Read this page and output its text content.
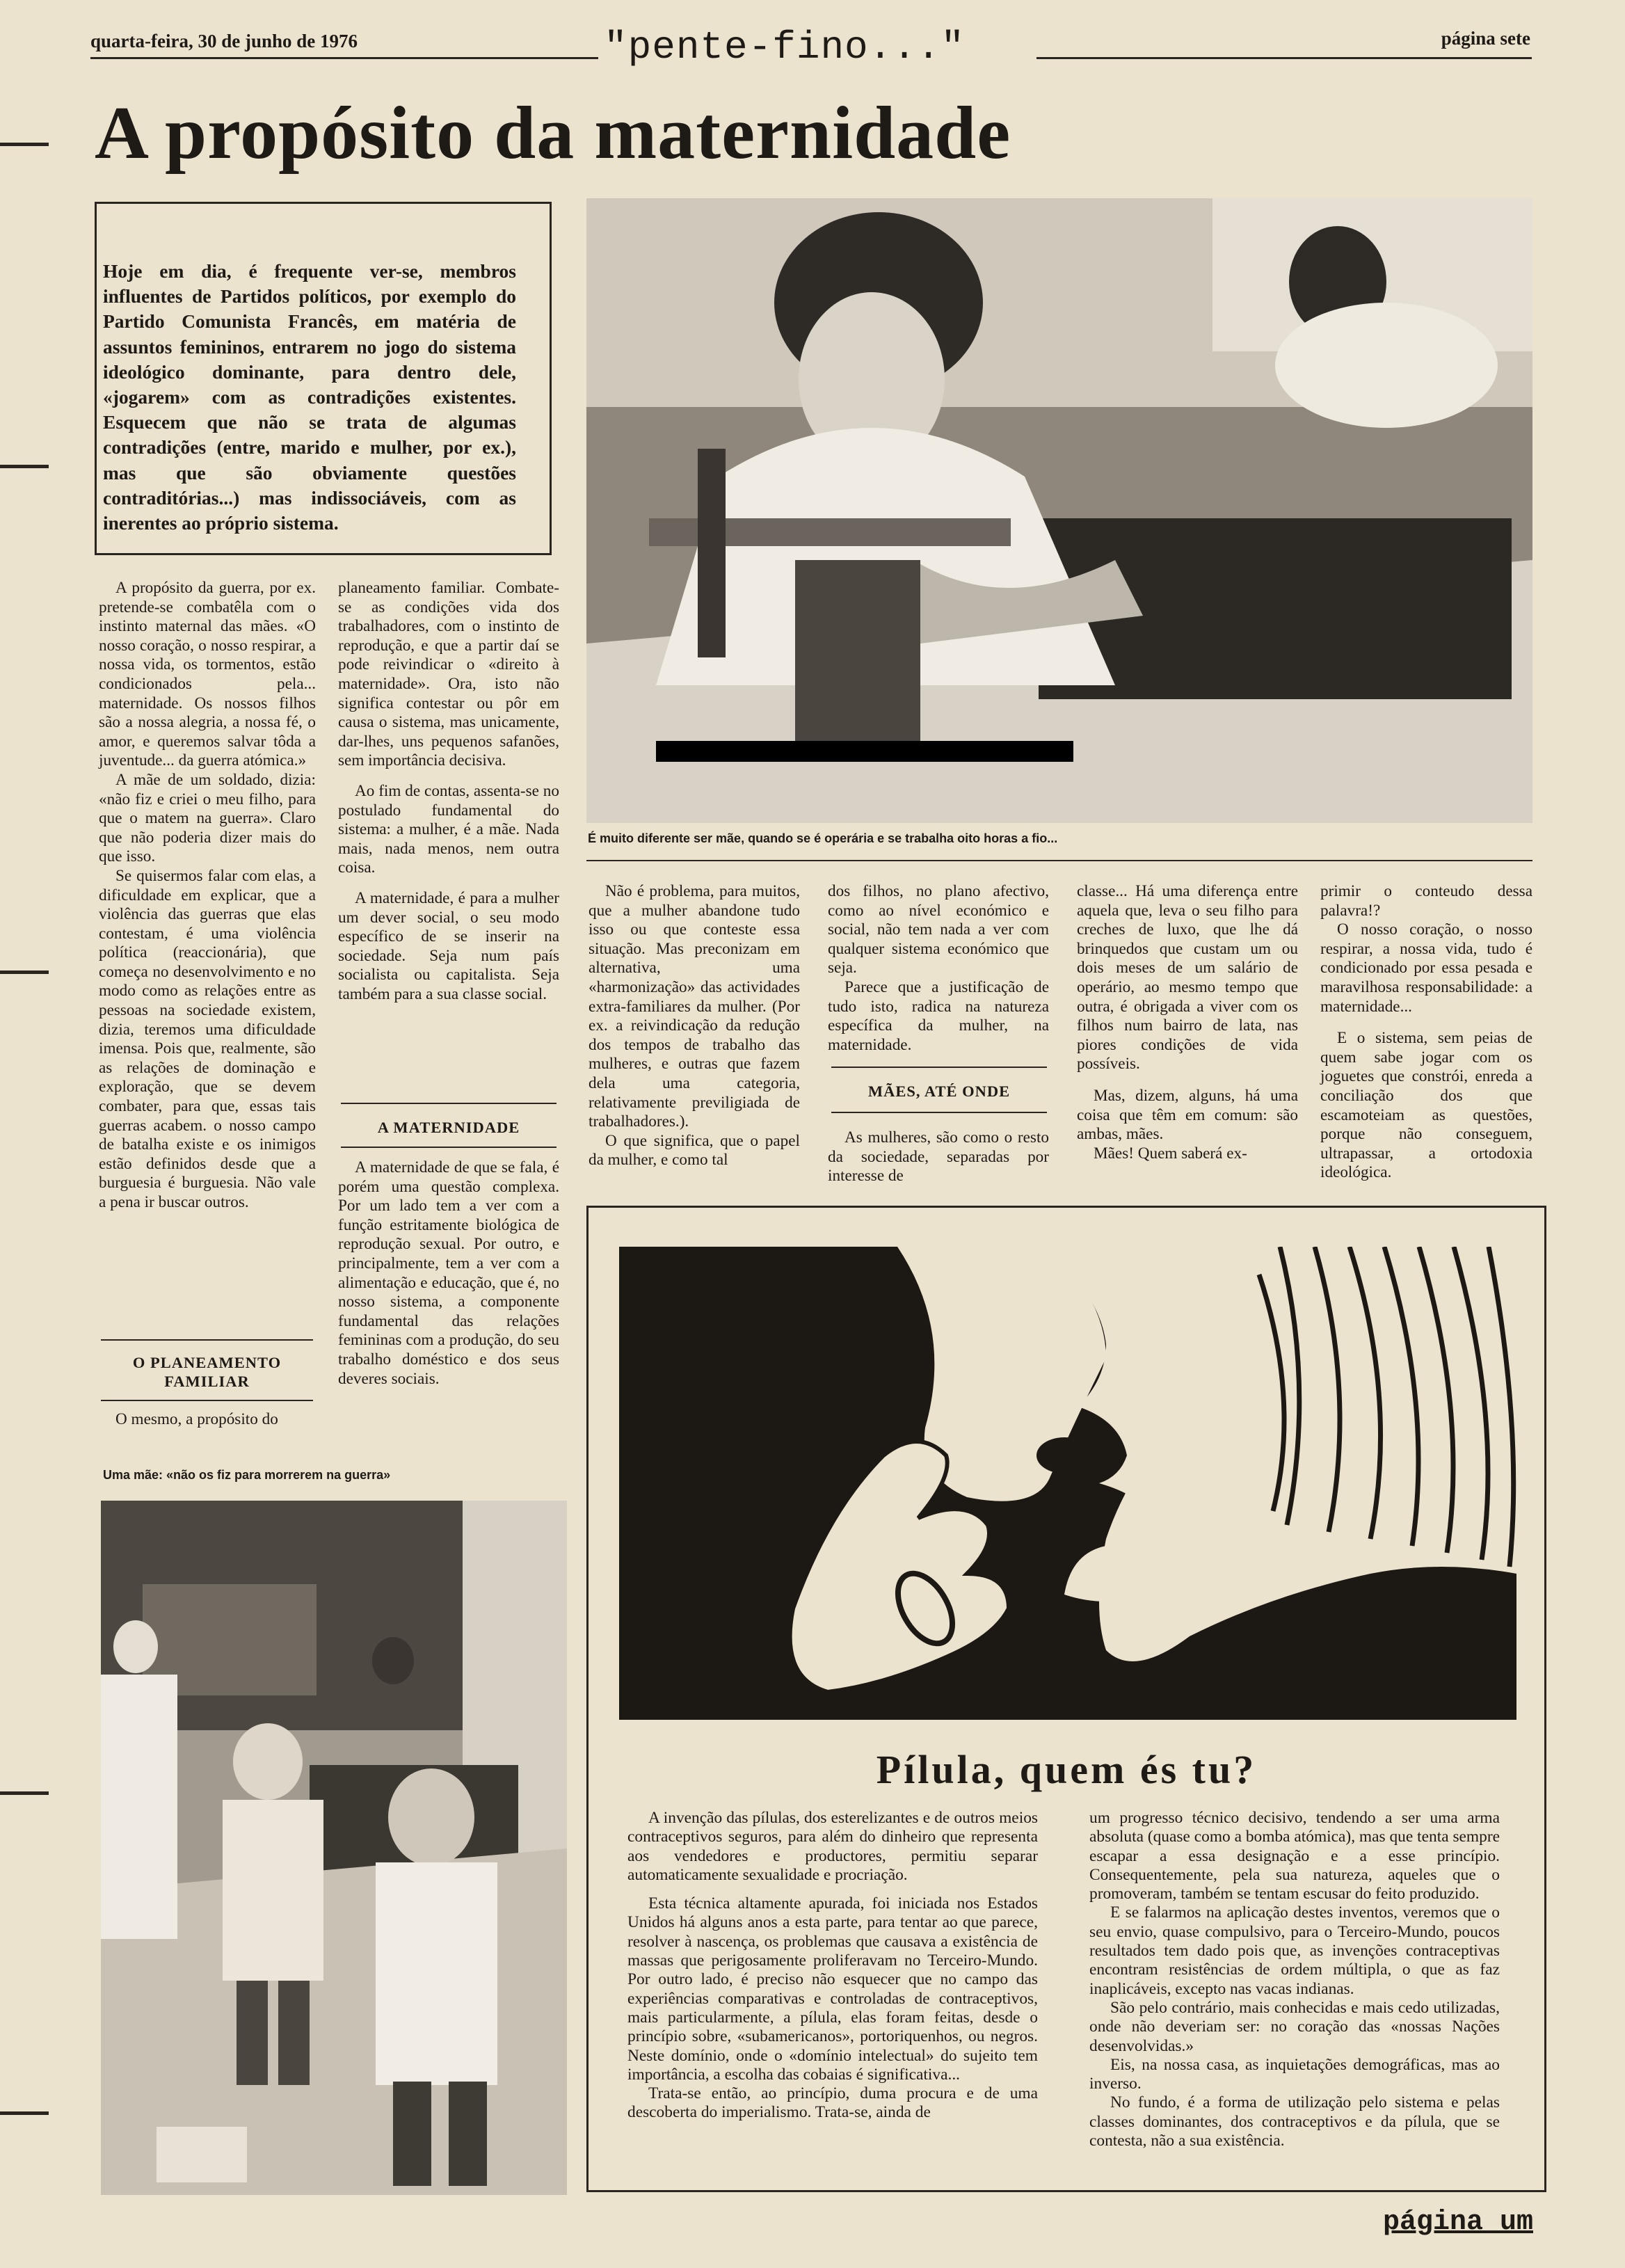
quarta-feira, 30 de junho de 1976	"pente-fino..."	página sete
A propósito da maternidade
Hoje em dia, é frequente ver-se, membros influentes de Partidos políticos, por exemplo do Partido Comunista Francês, em matéria de assuntos femininos, entrarem no jogo do sistema ideológico dominante, para dentro dele, «jogarem» com as contradições existentes. Esquecem que não se trata de algumas contradições (entre, marido e mulher, por ex.), mas que são obviamente questões contraditórias...) mas indissociáveis, com as inerentes ao próprio sistema.
É muito diferente ser mãe, quando se é operária e se trabalha oito horas a fio...

A propósito da guerra, por ex. pretende-se combatêla com o instinto maternal das mães. «O nosso coração, o nosso respirar, a nossa vida, os tormentos, estão condicionados pela... maternidade. Os nossos filhos são a nossa alegria, a nossa fé, o amor, e queremos salvar tôda a juventude... da guerra atómica.»

A mãe de um soldado, dizia: «não fiz e criei o meu filho, para que o matem na guerra». Claro que não poderia dizer mais do que isso.

Se quisermos falar com elas, a dificuldade em explicar, que a violência das guerras que elas contestam, é uma violência política (reaccionária), que começa no desenvolvimento e no modo como as relações entre as pessoas na sociedade existem, dizia, teremos uma dificuldade imensa. Pois que, realmente, são as relações de dominação e exploração, que se devem combater, para que, essas tais guerras acabem. o nosso campo de batalha existe e os inimigos estão definidos desde que a burguesia é burguesia. Não vale a pena ir buscar outros.

O PLANEAMENTO FAMILIAR

O mesmo, a propósito do

planeamento familiar. Combate-se as condições vida dos trabalhadores, com o instinto de reprodução, e que a partir daí se pode reivindicar o «direito à maternidade». Ora, isto não significa contestar ou pôr em causa o sistema, mas unicamente, dar-lhes, uns pequenos safanões, sem importância decisiva.

Ao fim de contas, assenta-se no postulado fundamental do sistema: a mulher, é a mãe. Nada mais, nada menos, nem outra coisa.

A maternidade, é para a mulher um dever social, o seu modo específico de se inserir na sociedade. Seja num país socialista ou capitalista. Seja também para a sua classe social.

A MATERNIDADE

A maternidade de que se fala, é porém uma questão complexa. Por um lado tem a ver com a função estritamente biológica de reprodução sexual. Por outro, e principalmente, tem a ver com a alimentação e educação, que é, no nosso sistema, a componente fundamental das relações femininas com a produção, do seu trabalho doméstico e dos seus deveres sociais.

Não é problema, para muitos, que a mulher abandone tudo isso ou que conteste essa situação. Mas preconizam em alternativa, uma «harmonização» das actividades extra-familiares da mulher. (Por ex. a reivindicação da redução dos tempos de trabalho das mulheres, e outras que fazem dela uma categoria, relativamente previligiada de trabalhadores.).

O que significa, que o papel da mulher, e como tal

dos filhos, no plano afectivo, como ao nível económico e social, não tem nada a ver com qualquer sistema económico que seja.

Parece que a justificação de tudo isto, radica na natureza específica da mulher, na maternidade.

MÃES, ATÉ ONDE

As mulheres, são como o resto da sociedade, separadas por interesse de

classe... Há uma diferença entre aquela que, leva o seu filho para creches de luxo, que lhe dá brinquedos que custam um ou dois meses de um salário de operário, ao mesmo tempo que outra, é obrigada a viver com os filhos num bairro de lata, nas piores condições de vida possíveis.

Mas, dizem, alguns, há uma coisa que têm em comum: são ambas, mães.

Mães! Quem saberá ex-

primir o conteudo dessa palavra!?

O nosso coração, o nosso respirar, a nossa vida, tudo é condicionado por essa pesada e maravilhosa responsabilidade: a maternidade...

E o sistema, sem peias de quem sabe jogar com os joguetes que constrói, enreda a conciliação dos que escamoteiam as questões, porque não conseguem, ultrapassar, a ortodoxia ideológica.

Uma mãe: «não os fiz para morrerem na guerra»
Pílula, quem és tu?

A invenção das pílulas, dos esterelizantes e de outros meios contraceptivos seguros, para além do dinheiro que representa aos vendedores e productores, permitiu separar automaticamente sexualidade e procriação.

Esta técnica altamente apurada, foi iniciada nos Estados Unidos há alguns anos a esta parte, para tentar ao que parece, resolver à nascença, os problemas que causava a existência de massas que perigosamente proliferavam no Terceiro-Mundo. Por outro lado, é preciso não esquecer que no campo das experiências comparativas e controladas de contraceptivos, mais particularmente, a pílula, elas foram feitas, desde o princípio sobre, «subamericanos», portoriquenhos, ou negros. Neste domínio, onde o «domínio intelectual» do sujeito tem importância, a escolha das cobaias é significativa...

Trata-se então, ao princípio, duma procura e de uma descoberta do imperialismo. Trata-se, ainda de

um progresso técnico decisivo, tendendo a ser uma arma absoluta (quase como a bomba atómica), mas que tenta sempre escapar a essa designação e a esse princípio. Consequentemente, pela sua natureza, aqueles que o promoveram, também se tentam escusar do feito produzido.

E se falarmos na aplicação destes inventos, veremos que o seu envio, quase compulsivo, para o Terceiro-Mundo, poucos resultados tem dado pois que, as invenções contraceptivas encontram resistências de ordem múltipla, o que as faz inaplicáveis, excepto nas vacas indianas.

São pelo contrário, mais conhecidas e mais cedo utilizadas, onde não deveriam ser: no coração das «nossas Nações desenvolvidas.»

Eis, na nossa casa, as inquietações demográficas, mas ao inverso.

No fundo, é a forma de utilização pelo sistema e pelas classes dominantes, dos contraceptivos e da pílula, que se contesta, não a sua existência.

página um
